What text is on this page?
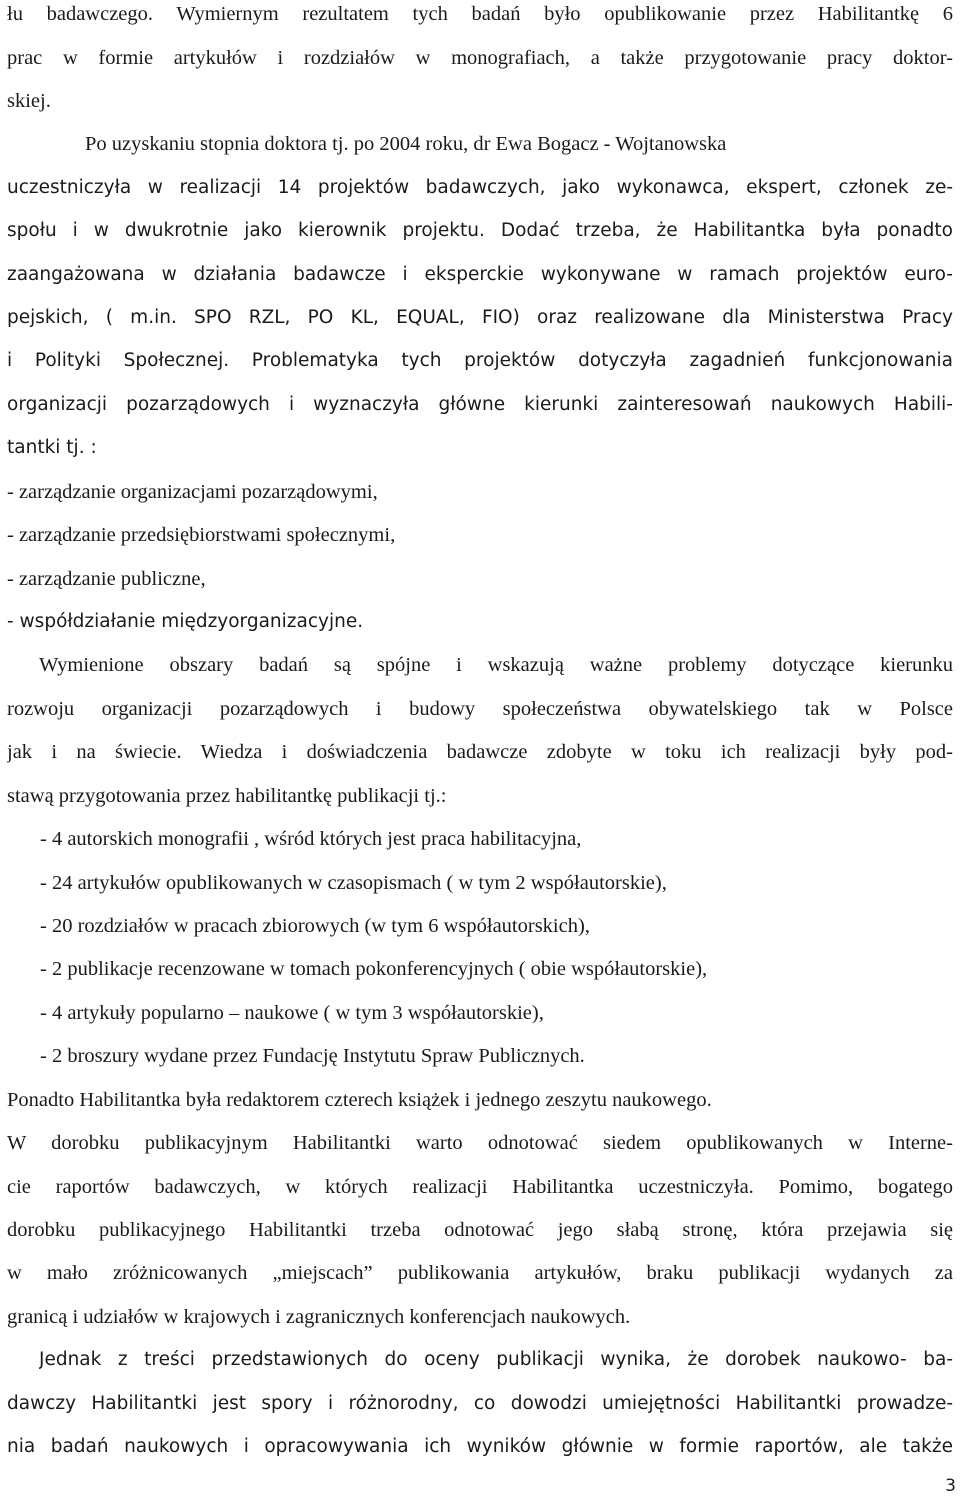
łu badawczego. Wymiernym rezultatem tych badań było opublikowanie przez Habilitantkę 6
prac w formie artykułów i rozdziałów w monografiach, a także przygotowanie pracy doktor-
skiej.
Po uzyskaniu stopnia doktora tj. po 2004 roku, dr Ewa Bogacz - Wojtanowska
uczestniczyła w realizacji 14 projektów badawczych, jako wykonawca, ekspert, członek ze-
społu i w dwukrotnie jako kierownik projektu. Dodać trzeba, że Habilitantka była ponadto
zaangażowana w działania badawcze i eksperckie wykonywane w ramach projektów euro-
pejskich, ( m.in. SPO RZL, PO KL, EQUAL, FIO) oraz realizowane dla Ministerstwa Pracy
i Polityki Społecznej. Problematyka tych projektów dotyczyła zagadnień funkcjonowania
organizacji pozarządowych i wyznaczyła główne kierunki zainteresowań naukowych Habili-
tantki tj. :
- zarządzanie organizacjami pozarządowymi,
- zarządzanie przedsiębiorstwami społecznymi,
- zarządzanie publiczne,
- współdziałanie międzyorganizacyjne.
Wymienione obszary badań są spójne i wskazują ważne problemy dotyczące kierunku
rozwoju organizacji pozarządowych i budowy społeczeństwa obywatelskiego tak w Polsce
jak i na świecie. Wiedza i doświadczenia badawcze zdobyte w toku ich realizacji były pod-
stawą przygotowania przez habilitantkę publikacji tj.:
- 4 autorskich monografii , wśród których jest praca habilitacyjna,
- 24 artykułów opublikowanych w czasopismach ( w tym 2 współautorskie),
- 20 rozdziałów w pracach zbiorowych (w tym 6 współautorskich),
- 2 publikacje recenzowane w tomach pokonferencyjnych ( obie współautorskie),
- 4 artykuły popularno – naukowe ( w tym 3 współautorskie),
- 2 broszury wydane przez Fundację Instytutu Spraw Publicznych.
Ponadto Habilitantka była redaktorem czterech książek i jednego zeszytu naukowego.
W dorobku publikacyjnym Habilitantki warto odnotować siedem opublikowanych w Interne-
cie raportów badawczych, w których realizacji Habilitantka uczestniczyła. Pomimo, bogatego
dorobku publikacyjnego Habilitantki trzeba odnotować jego słabą stronę, która przejawia się
w mało zróżnicowanych „miejscach” publikowania artykułów, braku publikacji wydanych za
granicą i udziałów w krajowych i zagranicznych konferencjach naukowych.
Jednak z treści przedstawionych do oceny publikacji wynika, że dorobek naukowo- ba-
dawczy Habilitantki jest spory i różnorodny, co dowodzi umiejętności Habilitantki prowadze-
nia badań naukowych i opracowywania ich wyników głównie w formie raportów, ale także
3
